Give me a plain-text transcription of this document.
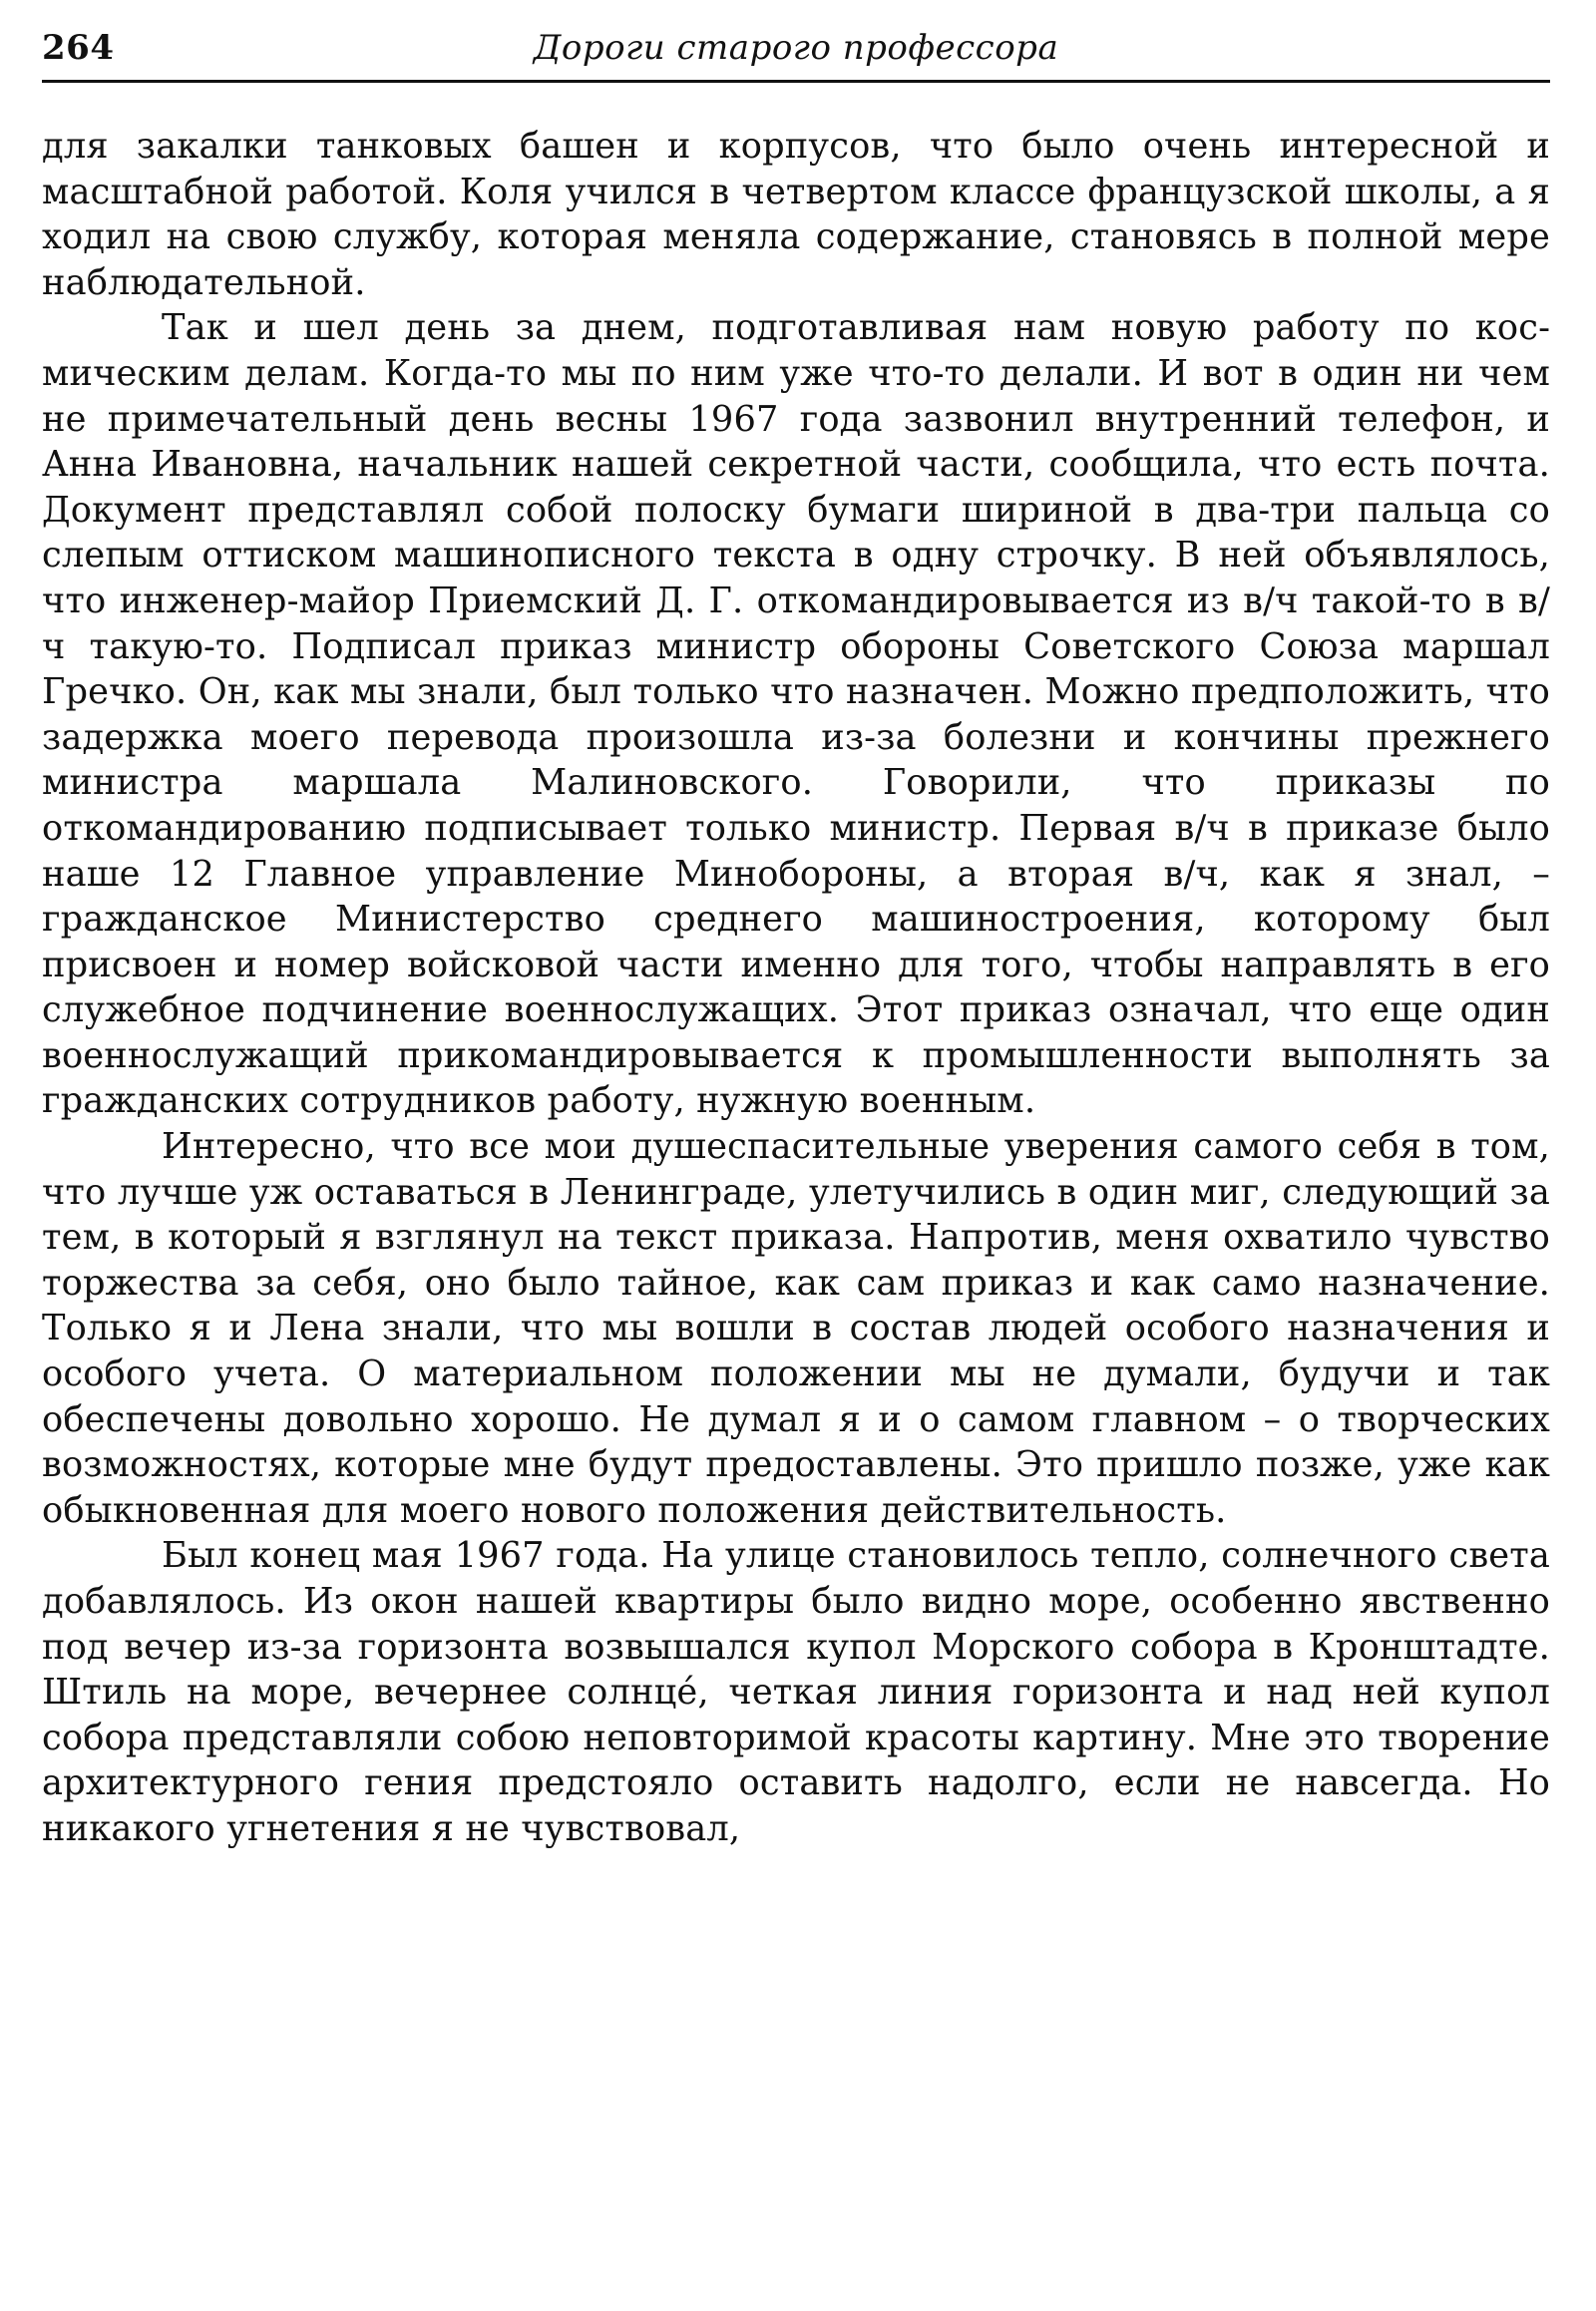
264	Дороги старого профессора

для закалки танковых башен и корпусов, что было очень интересной и масштабной работой. Коля учился в четвертом классе французской школы, а я ходил на свою службу, которая меняла содержание, становясь в полной мере наблюдательной.

Так и шел день за днем, подготавливая нам новую работу по космическим делам. Когда-то мы по ним уже что-то делали. И вот в один ни чем не примечательный день весны 1967 года зазвонил внутренний телефон, и Анна Ивановна, начальник нашей секретной части, сообщила, что есть почта. Документ представлял собой полоску бумаги шириной в два-три пальца со слепым оттиском машинописного текста в одну строчку. В ней объявлялось, что инженер-майор Приемский Д. Г. откомандировывается из в/ч такой-то в в/ч такую-то. Подписал приказ министр обороны Советского Союза маршал Гречко. Он, как мы знали, был только что назначен. Можно предположить, что задержка моего перевода произошла из-за болезни и кончины прежнего министра маршала Малиновского. Говорили, что приказы по откомандированию подписывает только министр. Первая в/ч в приказе было наше 12 Главное управление Минобороны, а вторая в/ч, как я знал, – гражданское Министерство среднего машиностроения, которому был присвоен и номер войсковой части именно для того, чтобы направлять в его служебное подчинение военнослужащих. Этот приказ означал, что еще один военнослужащий прикомандировывается к промышленности выполнять за гражданских сотрудников работу, нужную военным.

Интересно, что все мои душеспасительные уверения самого себя в том, что лучше уж оставаться в Ленинграде, улетучились в один миг, следующий за тем, в который я взглянул на текст приказа. Напротив, меня охватило чувство торжества за себя, оно было тайное, как сам приказ и как само назначение. Только я и Лена знали, что мы вошли в состав людей особого назначения и особого учета. О материальном положении мы не думали, будучи и так обеспечены довольно хорошо. Не думал я и о самом главном – о творческих возможностях, которые мне будут предоставлены. Это пришло позже, уже как обыкновенная для моего нового положения действительность.

Был конец мая 1967 года. На улице становилось тепло, солнечного света добавлялось. Из окон нашей квартиры было видно море, особенно явственно под вечер из-за горизонта возвышался купол Морского собора в Кронштадте. Штиль на море, вечернее солнце́, четкая линия горизонта и над ней купол собора представляли собою неповторимой красоты картину. Мне это творение архитектурного гения предстояло оставить надолго, если не навсегда. Но никакого угнетения я не чувствовал,
